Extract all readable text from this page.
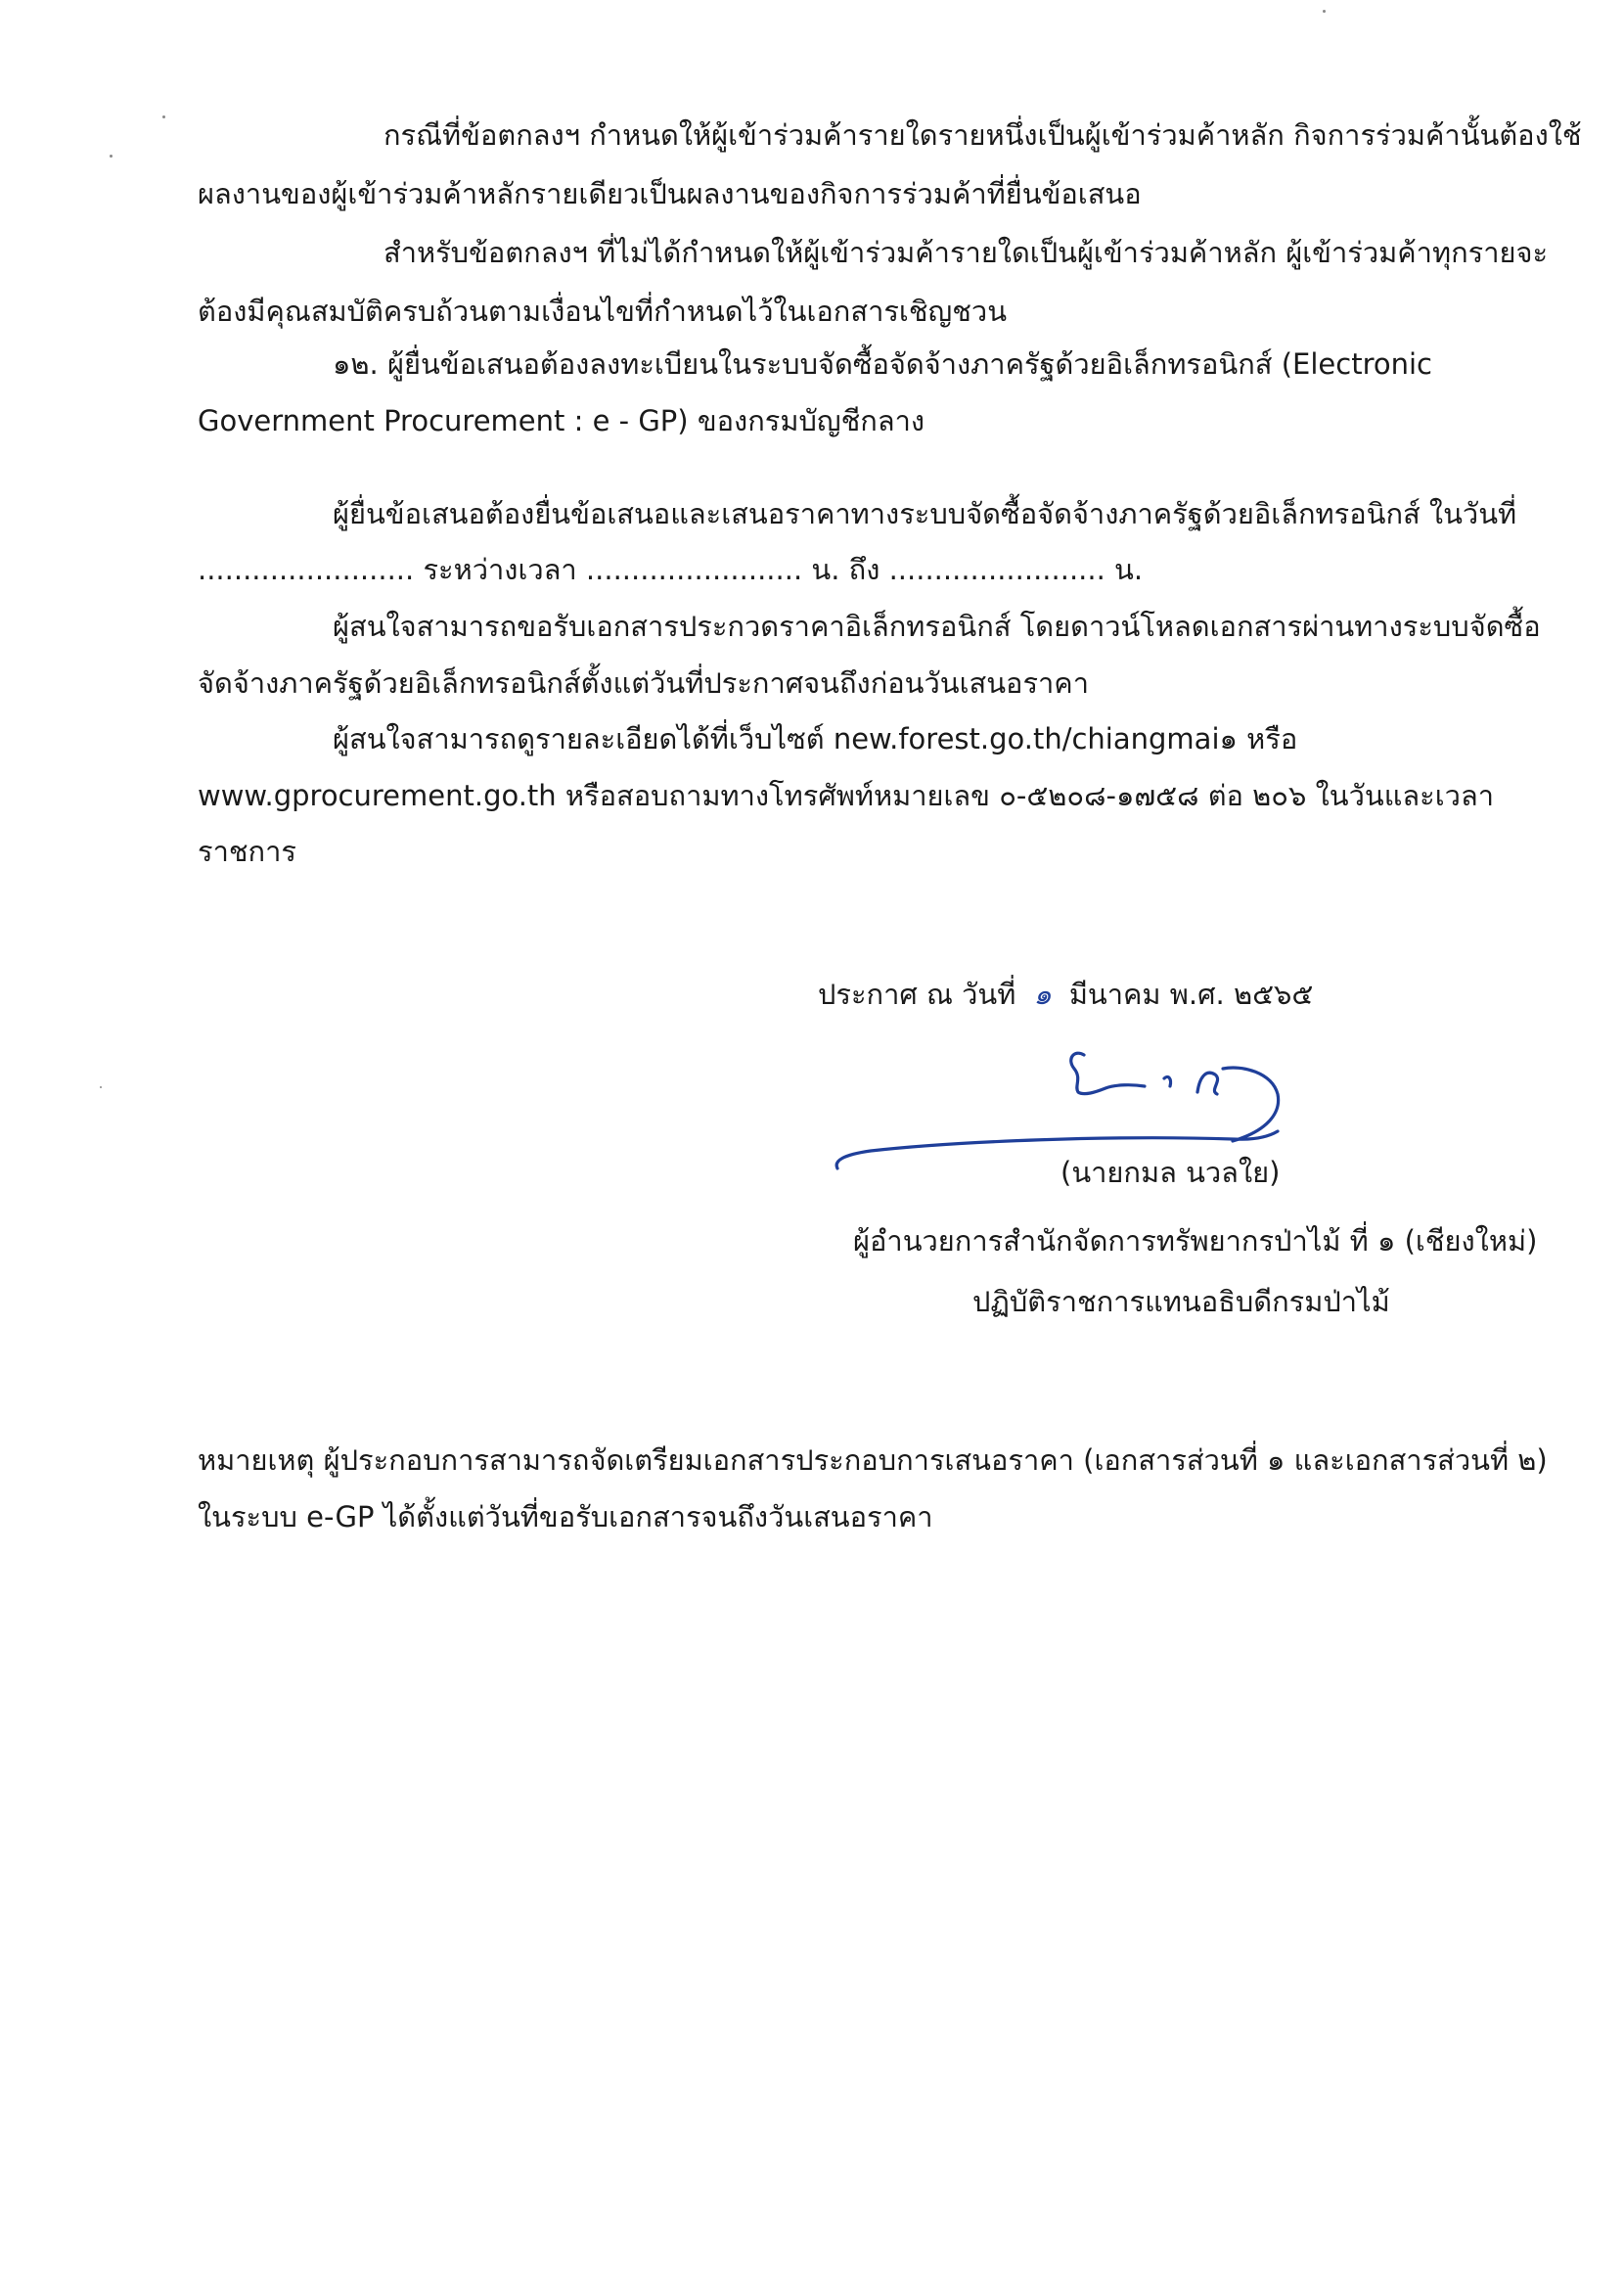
กรณีที่ข้อตกลงฯ กำหนดให้ผู้เข้าร่วมค้ารายใดรายหนึ่งเป็นผู้เข้าร่วมค้าหลัก กิจการร่วมค้านั้นต้องใช้
ผลงานของผู้เข้าร่วมค้าหลักรายเดียวเป็นผลงานของกิจการร่วมค้าที่ยื่นข้อเสนอ
สำหรับข้อตกลงฯ ที่ไม่ได้กำหนดให้ผู้เข้าร่วมค้ารายใดเป็นผู้เข้าร่วมค้าหลัก ผู้เข้าร่วมค้าทุกรายจะ
ต้องมีคุณสมบัติครบถ้วนตามเงื่อนไขที่กำหนดไว้ในเอกสารเชิญชวน
๑๒. ผู้ยื่นข้อเสนอต้องลงทะเบียนในระบบจัดซื้อจัดจ้างภาครัฐด้วยอิเล็กทรอนิกส์ (Electronic
Government Procurement : e - GP) ของกรมบัญชีกลาง
ผู้ยื่นข้อเสนอต้องยื่นข้อเสนอและเสนอราคาทางระบบจัดซื้อจัดจ้างภาครัฐด้วยอิเล็กทรอนิกส์ ในวันที่
........................ ระหว่างเวลา ........................ น. ถึง ........................ น.
ผู้สนใจสามารถขอรับเอกสารประกวดราคาอิเล็กทรอนิกส์ โดยดาวน์โหลดเอกสารผ่านทางระบบจัดซื้อ
จัดจ้างภาครัฐด้วยอิเล็กทรอนิกส์ตั้งแต่วันที่ประกาศจนถึงก่อนวันเสนอราคา
ผู้สนใจสามารถดูรายละเอียดได้ที่เว็บไซต์ new.forest.go.th/chiangmai๑ หรือ
www.gprocurement.go.th หรือสอบถามทางโทรศัพท์หมายเลข ๐-๕๒๐๘-๑๗๕๘ ต่อ ๒๐๖ ในวันและเวลา
ราชการ
ประกาศ ณ วันที่ ๑ มีนาคม พ.ศ. ๒๕๖๕
(นายกมล นวลใย)
ผู้อำนวยการสำนักจัดการทรัพยากรป่าไม้ ที่ ๑ (เชียงใหม่)
ปฏิบัติราชการแทนอธิบดีกรมป่าไม้
หมายเหตุ ผู้ประกอบการสามารถจัดเตรียมเอกสารประกอบการเสนอราคา (เอกสารส่วนที่ ๑ และเอกสารส่วนที่ ๒)
ในระบบ e-GP ได้ตั้งแต่วันที่ขอรับเอกสารจนถึงวันเสนอราคา
